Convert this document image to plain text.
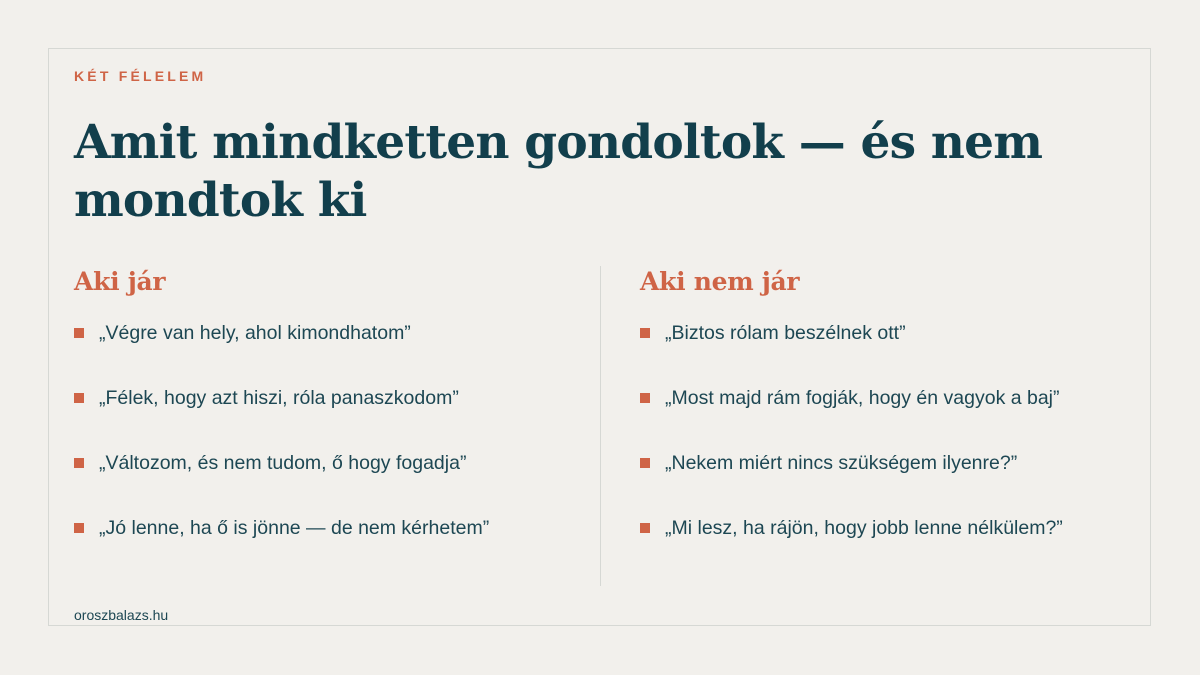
KÉT FÉLELEM

Amit mindketten gondoltok — és nem mondtok ki
Aki jár
„Végre van hely, ahol kimondhatom”
„Félek, hogy azt hiszi, róla panaszkodom”
„Változom, és nem tudom, ő hogy fogadja”
„Jó lenne, ha ő is jönne — de nem kérhetem”
Aki nem jár
„Biztos rólam beszélnek ott”
„Most majd rám fogják, hogy én vagyok a baj”
„Nekem miért nincs szükségem ilyenre?”
„Mi lesz, ha rájön, hogy jobb lenne nélkülem?”

oroszbalazs.hu
